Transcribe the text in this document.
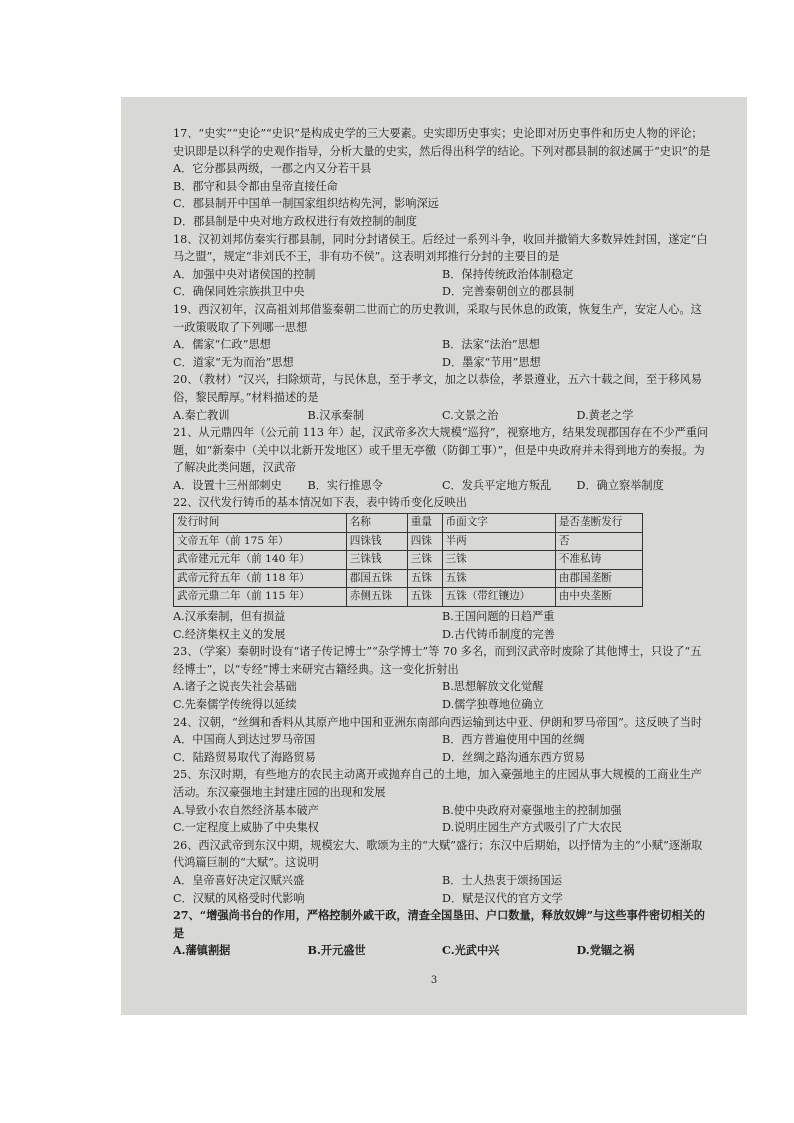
17、“史实”“史论”“史识”是构成史学的三大要素。史实即历史事实；史论即对历史事件和历史人物的评论；史识即是以科学的史观作指导，分析大量的史实，然后得出科学的结论。下列对郡县制的叙述属于“史识”的是

A．它分郡县两级，一郡之内又分若干县
B．郡守和县令都由皇帝直接任命
C．郡县制开中国单一制国家组织结构先河，影响深远
D．郡县制是中央对地方政权进行有效控制的制度

18、汉初刘邦仿秦实行郡县制，同时分封诸侯王。后经过一系列斗争，收回并撤销大多数异姓封国，遂定“白马之盟”，规定“非刘氏不王，非有功不侯”。这表明刘邦推行分封的主要目的是

A．加强中央对诸侯国的控制	B．保持传统政治体制稳定
C．确保同姓宗族拱卫中央	D．完善秦朝创立的郡县制

19、西汉初年，汉高祖刘邦借鉴秦朝二世而亡的历史教训，采取与民休息的政策，恢复生产，安定人心。这一政策吸取了下列哪一思想

A．儒家“仁政”思想	B．法家“法治”思想
C．道家“无为而治”思想	D．墨家“节用”思想

20、（教材）“汉兴，扫除烦苛，与民休息，至于孝文，加之以恭俭，孝景遵业，五六十载之间，至于移风易俗，黎民醇厚。”材料描述的是

A.秦亡教训	B.汉承秦制	C.文景之治	D.黄老之学

21、从元鼎四年（公元前 113 年）起，汉武帝多次大规模“巡狩”，视察地方，结果发现郡国存在不少严重问题，如“新秦中（关中以北新开发地区）或千里无亭徼（防御工事）”，但是中央政府并未得到地方的奏报。为了解决此类问题，汉武帝

A．设置十三州部刺史	B．实行推恩令	C．发兵平定地方叛乱	D．确立察举制度

22、汉代发行铸币的基本情况如下表，表中铸币变化反映出

发行时间	名称	重量	币面文字	是否垄断发行
文帝五年（前 175 年）	四铢钱	四铢	半两	否
武帝建元元年（前 140 年）	三铢钱	三铢	三铢	不准私铸
武帝元狩五年（前 118 年）	郡国五铢	五铢	五铢	由郡国垄断
武帝元鼎二年（前 115 年）	赤侧五铢	五铢	五铢（带红镶边）	由中央垄断
A.汉承秦制，但有损益	B.王国问题的日趋严重
C.经济集权主义的发展	D.古代铸币制度的完善

23、（学案）秦朝时设有“诸子传记博士”“杂学博士”等 70 多名，而到汉武帝时废除了其他博士，只设了“五经博士”，以“专经”博士来研究古籍经典。这一变化折射出

A.诸子之说丧失社会基础	B.思想解放文化觉醒
C.先秦儒学传统得以延续	D.儒学独尊地位确立

24、汉朝，“丝绸和香料从其原产地中国和亚洲东南部向西运输到达中亚、伊朗和罗马帝国”。这反映了当时

A．中国商人到达过罗马帝国	B．西方普遍使用中国的丝绸
C．陆路贸易取代了海路贸易	D．丝绸之路沟通东西方贸易

25、东汉时期，有些地方的农民主动离开或抛弃自己的土地，加入豪强地主的庄园从事大规模的工商业生产活动。东汉豪强地主封建庄园的出现和发展

A.导致小农自然经济基本破产	B.使中央政府对豪强地主的控制加强
C.一定程度上威胁了中央集权	D.说明庄园生产方式吸引了广大农民

26、西汉武帝到东汉中期，规模宏大、歌颂为主的“大赋”盛行；东汉中后期始，以抒情为主的“小赋”逐渐取代鸿篇巨制的“大赋”。这说明

A．皇帝喜好决定汉赋兴盛	B．士人热衷于颂扬国运
C．汉赋的风格受时代影响	D．赋是汉代的官方文学

27、“增强尚书台的作用，严格控制外戚干政，清查全国垦田、户口数量，释放奴婢”与这些事件密切相关的是

A.藩镇割据	B.开元盛世	C.光武中兴	D.党锢之祸
3
